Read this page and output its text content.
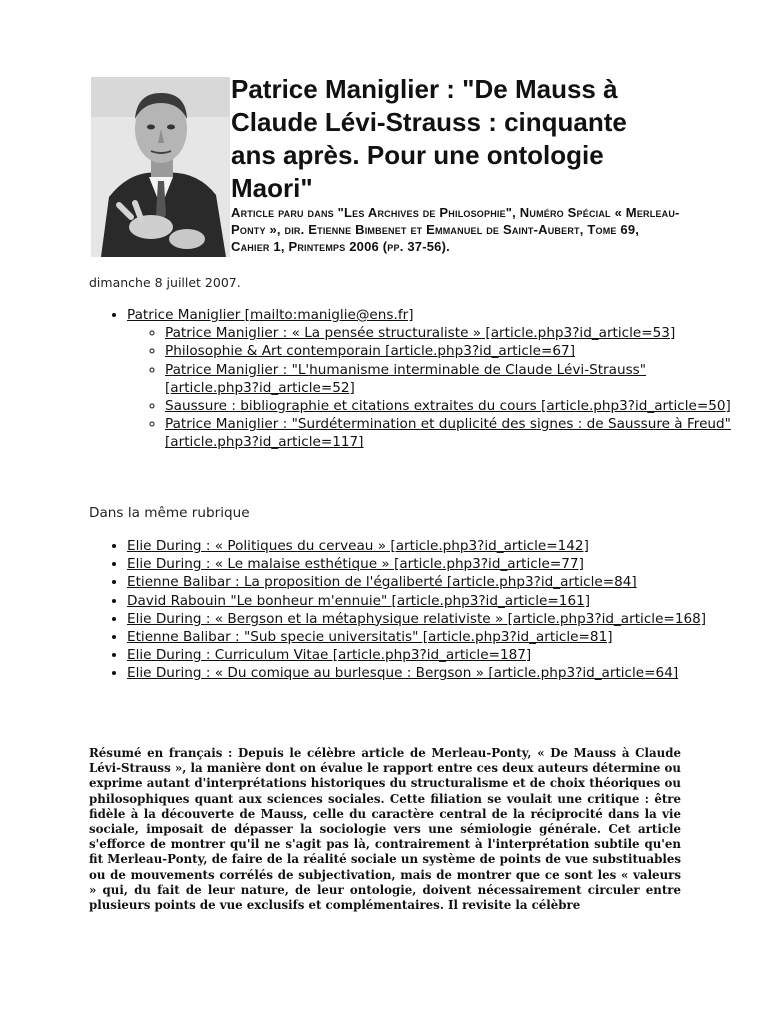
Patrice Maniglier : "De Mauss à Claude Lévi-Strauss : cinquante ans après. Pour une ontologie Maori"

Article paru dans "Les Archives de Philosophie", Numéro Spécial « Merleau-Ponty », dir. Etienne Bimbenet et Emmanuel de Saint-Aubert, Tome 69, Cahier 1, Printemps 2006 (pp. 37-56).

dimanche 8 juillet 2007.
• Patrice Maniglier [mailto:maniglie@ens.fr]
◦ Patrice Maniglier : « La pensée structuraliste » [article.php3?id_article=53]
◦ Philosophie & Art contemporain [article.php3?id_article=67]
◦ Patrice Maniglier : "L'humanisme interminable de Claude Lévi-Strauss" [article.php3?id_article=52]
◦ Saussure : bibliographie et citations extraites du cours [article.php3?id_article=50]
◦ Patrice Maniglier : "Surdétermination et duplicité des signes : de Saussure à Freud" [article.php3?id_article=117]
Dans la même rubrique
• Elie During : « Politiques du cerveau » [article.php3?id_article=142]
• Elie During : « Le malaise esthétique » [article.php3?id_article=77]
• Etienne Balibar : La proposition de l'égaliberté [article.php3?id_article=84]
• David Rabouin "Le bonheur m'ennuie" [article.php3?id_article=161]
• Elie During : « Bergson et la métaphysique relativiste » [article.php3?id_article=168]
• Etienne Balibar : "Sub specie universitatis" [article.php3?id_article=81]
• Elie During : Curriculum Vitae [article.php3?id_article=187]
• Elie During : « Du comique au burlesque : Bergson » [article.php3?id_article=64]

Résumé en français : Depuis le célèbre article de Merleau-Ponty, « De Mauss à Claude Lévi-Strauss », la manière dont on évalue le rapport entre ces deux auteurs détermine ou exprime autant d'interprétations historiques du structuralisme et de choix théoriques ou philosophiques quant aux sciences sociales. Cette filiation se voulait une critique : être fidèle à la découverte de Mauss, celle du caractère central de la réciprocité dans la vie sociale, imposait de dépasser la sociologie vers une sémiologie générale. Cet article s'efforce de montrer qu'il ne s'agit pas là, contrairement à l'interprétation subtile qu'en fit Merleau-Ponty, de faire de la réalité sociale un système de points de vue substituables ou de mouvements corrélés de subjectivation, mais de montrer que ce sont les « valeurs » qui, du fait de leur nature, de leur ontologie, doivent nécessairement circuler entre plusieurs points de vue exclusifs et complémentaires. Il revisite la célèbre
